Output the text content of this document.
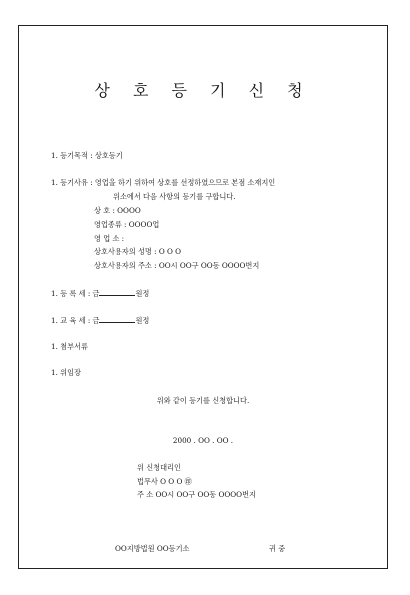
상 호 등 기 신 청
1. 등기목적 : 상호등기
1. 등기사유 : 영업을 하기 위하여 상호를 선정하였으므로 본점 소재지인
위소에서 다음 사항의 등기를 구합니다.
상 호 : OOOO
영업종류 : OOOO업
영 업 소 :
상호사용자의 성명 : O O O
상호사용자의 주소 : OO시 OO구 OO동 OOOO번지
1. 등 록 세 : 금	원정
1. 교 육 세 : 금	원정
1. 첨부서류
1. 위임장
위와 같이 등기를 신청합니다.
2000 . OO . OO .
위 신청대리인
법무사 O O O ㊞
주 소 OO시 OO구 OO동 OOOO번지
OO지방법원 OO등기소	귀 중
